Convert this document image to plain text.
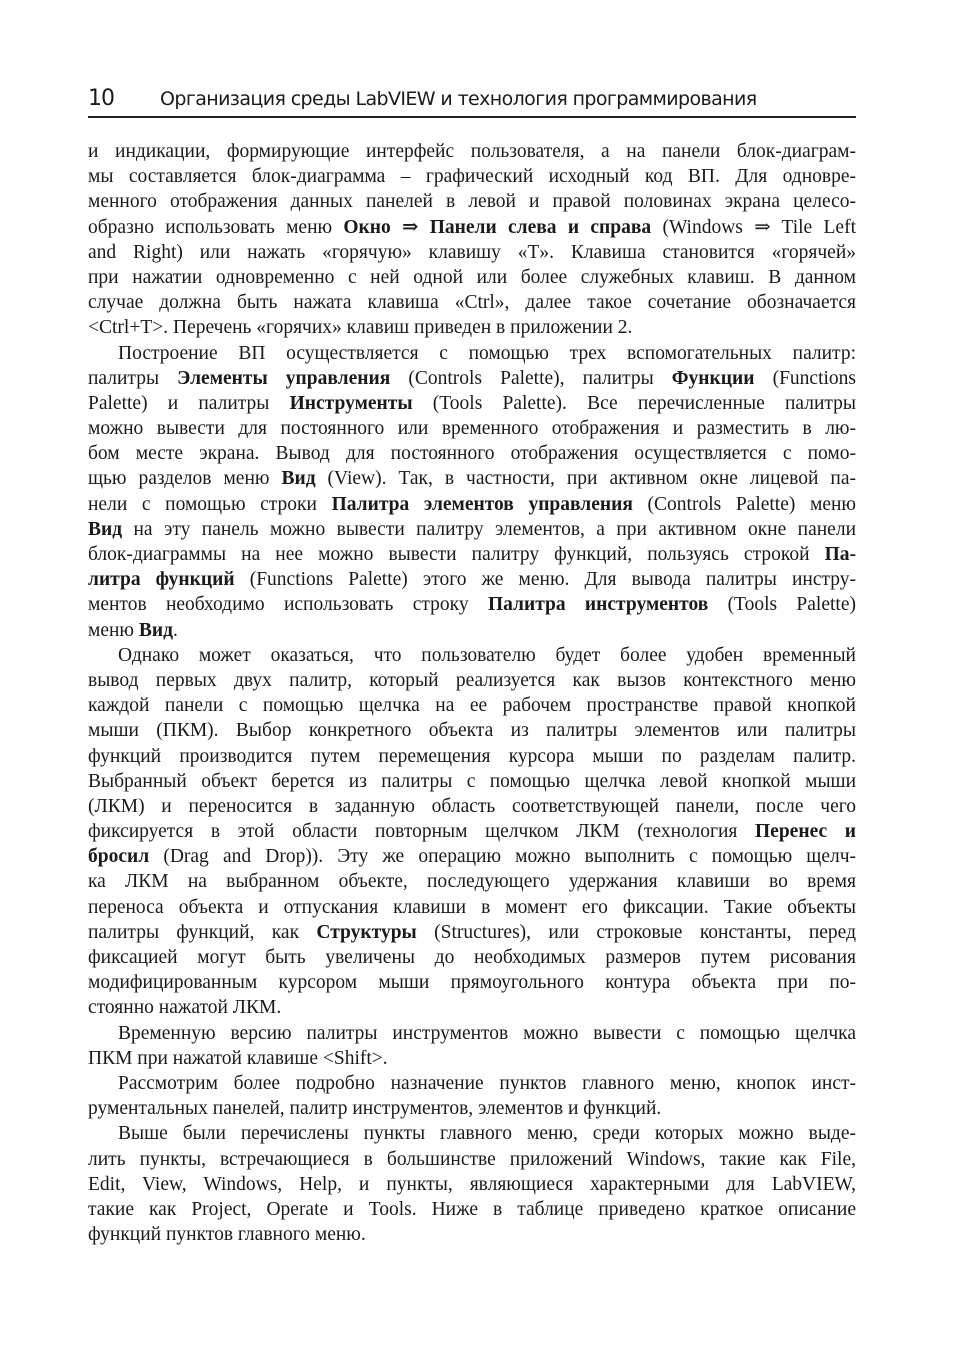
10 Организация среды LabVIEW и технология программирования
и индикации, формирующие интерфейс пользователя, а на панели блок-диаграм-
мы составляется блок-диаграмма – графический исходный код ВП. Для одновре-
менного отображения данных панелей в левой и правой половинах экрана целесо-
образно использовать меню Окно ⇒ Панели слева и справа (Windows ⇒ Tile Left
and Right) или нажать «горячую» клавишу «T». Клавиша становится «горячей»
при нажатии одновременно с ней одной или более служебных клавиш. В данном
случае должна быть нажата клавиша «Ctrl», далее такое сочетание обозначается
<Ctrl+T>. Перечень «горячих» клавиш приведен в приложении 2.
Построение ВП осуществляется с помощью трех вспомогательных палитр:
палитры Элементы управления (Controls Palette), палитры Функции (Functions
Palette) и палитры Инструменты (Tools Palette). Все перечисленные палитры
можно вывести для постоянного или временного отображения и разместить в лю-
бом месте экрана. Вывод для постоянного отображения осуществляется с помо-
щью разделов меню Вид (View). Так, в частности, при активном окне лицевой па-
нели с помощью строки Палитра элементов управления (Controls Palette) меню
Вид на эту панель можно вывести палитру элементов, а при активном окне панели
блок-диаграммы на нее можно вывести палитру функций, пользуясь строкой Па-
литра функций (Functions Palette) этого же меню. Для вывода палитры инстру-
ментов необходимо использовать строку Палитра инструментов (Tools Palette)
меню Вид.
Однако может оказаться, что пользователю будет более удобен временный
вывод первых двух палитр, который реализуется как вызов контекстного меню
каждой панели с помощью щелчка на ее рабочем пространстве правой кнопкой
мыши (ПКМ). Выбор конкретного объекта из палитры элементов или палитры
функций производится путем перемещения курсора мыши по разделам палитр.
Выбранный объект берется из палитры с помощью щелчка левой кнопкой мыши
(ЛКМ) и переносится в заданную область соответствующей панели, после чего
фиксируется в этой области повторным щелчком ЛКМ (технология Перенес и
бросил (Drag and Drop)). Эту же операцию можно выполнить с помощью щелч-
ка ЛКМ на выбранном объекте, последующего удержания клавиши во время
переноса объекта и отпускания клавиши в момент его фиксации. Такие объекты
палитры функций, как Структуры (Structures), или строковые константы, перед
фиксацией могут быть увеличены до необходимых размеров путем рисования
модифицированным курсором мыши прямоугольного контура объекта при по-
стоянно нажатой ЛКМ.
Временную версию палитры инструментов можно вывести с помощью щелчка
ПКМ при нажатой клавише <Shift>.
Рассмотрим более подробно назначение пунктов главного меню, кнопок инст-
рументальных панелей, палитр инструментов, элементов и функций.
Выше были перечислены пункты главного меню, среди которых можно выде-
лить пункты, встречающиеся в большинстве приложений Windows, такие как File,
Edit, View, Windows, Help, и пункты, являющиеся характерными для LabVIEW,
такие как Project, Operate и Tools. Ниже в таблице приведено краткое описание
функций пунктов главного меню.
